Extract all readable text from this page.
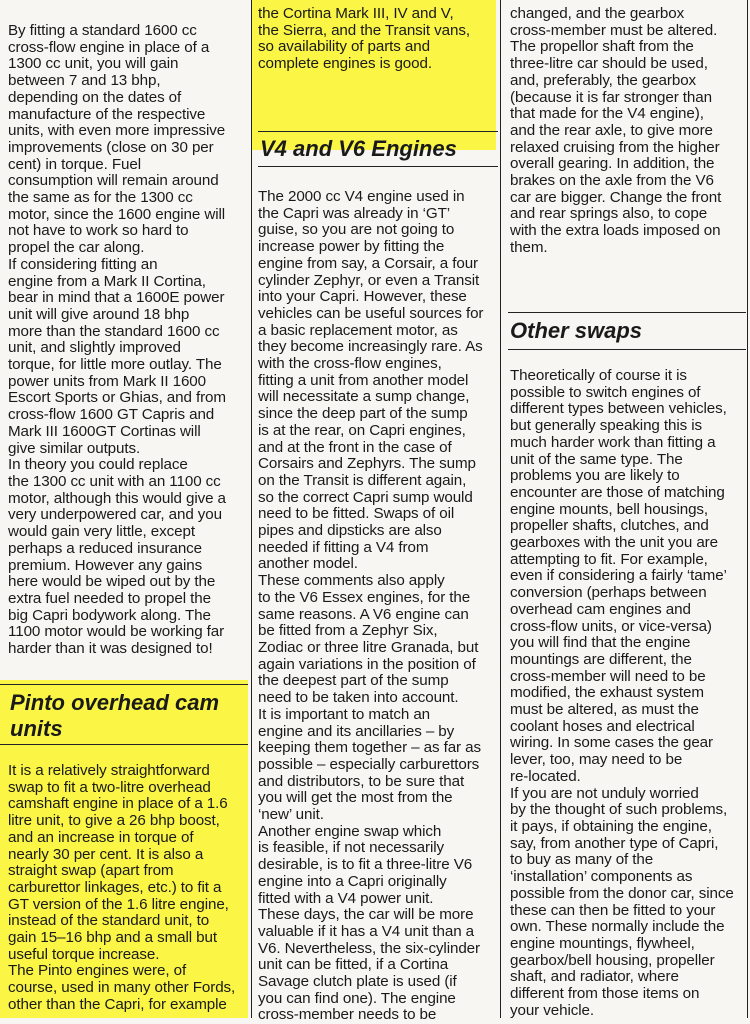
By fitting a standard 1600 cc
cross-flow engine in place of a
1300 cc unit, you will gain
between 7 and 13 bhp,
depending on the dates of
manufacture of the respective
units, with even more impressive
improvements (close on 30 per
cent) in torque. Fuel
consumption will remain around
the same as for the 1300 cc
motor, since the 1600 engine will
not have to work so hard to
propel the car along.
If considering fitting an
engine from a Mark II Cortina,
bear in mind that a 1600E power
unit will give around 18 bhp
more than the standard 1600 cc
unit, and slightly improved
torque, for little more outlay. The
power units from Mark II 1600
Escort Sports or Ghias, and from
cross-flow 1600 GT Capris and
Mark III 1600GT Cortinas will
give similar outputs.
In theory you could replace
the 1300 cc unit with an 1100 cc
motor, although this would give a
very underpowered car, and you
would gain very little, except
perhaps a reduced insurance
premium. However any gains
here would be wiped out by the
extra fuel needed to propel the
big Capri bodywork along. The
1100 motor would be working far
harder than it was designed to!

Pinto overhead cam
units

It is a relatively straightforward
swap to fit a two-litre overhead
camshaft engine in place of a 1.6
litre unit, to give a 26 bhp boost,
and an increase in torque of
nearly 30 per cent. It is also a
straight swap (apart from
carburettor linkages, etc.) to fit a
GT version of the 1.6 litre engine,
instead of the standard unit, to
gain 15–16 bhp and a small but
useful torque increase.
The Pinto engines were, of
course, used in many other Fords,
other than the Capri, for example

the Cortina Mark III, IV and V,
the Sierra, and the Transit vans,
so availability of parts and
complete engines is good.

V4 and V6 Engines

The 2000 cc V4 engine used in
the Capri was already in ‘GT’
guise, so you are not going to
increase power by fitting the
engine from say, a Corsair, a four
cylinder Zephyr, or even a Transit
into your Capri. However, these
vehicles can be useful sources for
a basic replacement motor, as
they become increasingly rare. As
with the cross-flow engines,
fitting a unit from another model
will necessitate a sump change,
since the deep part of the sump
is at the rear, on Capri engines,
and at the front in the case of
Corsairs and Zephyrs. The sump
on the Transit is different again,
so the correct Capri sump would
need to be fitted. Swaps of oil
pipes and dipsticks are also
needed if fitting a V4 from
another model.
These comments also apply
to the V6 Essex engines, for the
same reasons. A V6 engine can
be fitted from a Zephyr Six,
Zodiac or three litre Granada, but
again variations in the position of
the deepest part of the sump
need to be taken into account.
It is important to match an
engine and its ancillaries – by
keeping them together – as far as
possible – especially carburettors
and distributors, to be sure that
you will get the most from the
‘new’ unit.
Another engine swap which
is feasible, if not necessarily
desirable, is to fit a three-litre V6
engine into a Capri originally
fitted with a V4 power unit.
These days, the car will be more
valuable if it has a V4 unit than a
V6. Nevertheless, the six-cylinder
unit can be fitted, if a Cortina
Savage clutch plate is used (if
you can find one). The engine
cross-member needs to be

changed, and the gearbox
cross-member must be altered.
The propellor shaft from the
three-litre car should be used,
and, preferably, the gearbox
(because it is far stronger than
that made for the V4 engine),
and the rear axle, to give more
relaxed cruising from the higher
overall gearing. In addition, the
brakes on the axle from the V6
car are bigger. Change the front
and rear springs also, to cope
with the extra loads imposed on
them.

Other swaps

Theoretically of course it is
possible to switch engines of
different types between vehicles,
but generally speaking this is
much harder work than fitting a
unit of the same type. The
problems you are likely to
encounter are those of matching
engine mounts, bell housings,
propeller shafts, clutches, and
gearboxes with the unit you are
attempting to fit. For example,
even if considering a fairly ‘tame’
conversion (perhaps between
overhead cam engines and
cross-flow units, or vice-versa)
you will find that the engine
mountings are different, the
cross-member will need to be
modified, the exhaust system
must be altered, as must the
coolant hoses and electrical
wiring. In some cases the gear
lever, too, may need to be
re-located.
If you are not unduly worried
by the thought of such problems,
it pays, if obtaining the engine,
say, from another type of Capri,
to buy as many of the
‘installation’ components as
possible from the donor car, since
these can then be fitted to your
own. These normally include the
engine mountings, flywheel,
gearbox/bell housing, propeller
shaft, and radiator, where
different from those items on
your vehicle.
